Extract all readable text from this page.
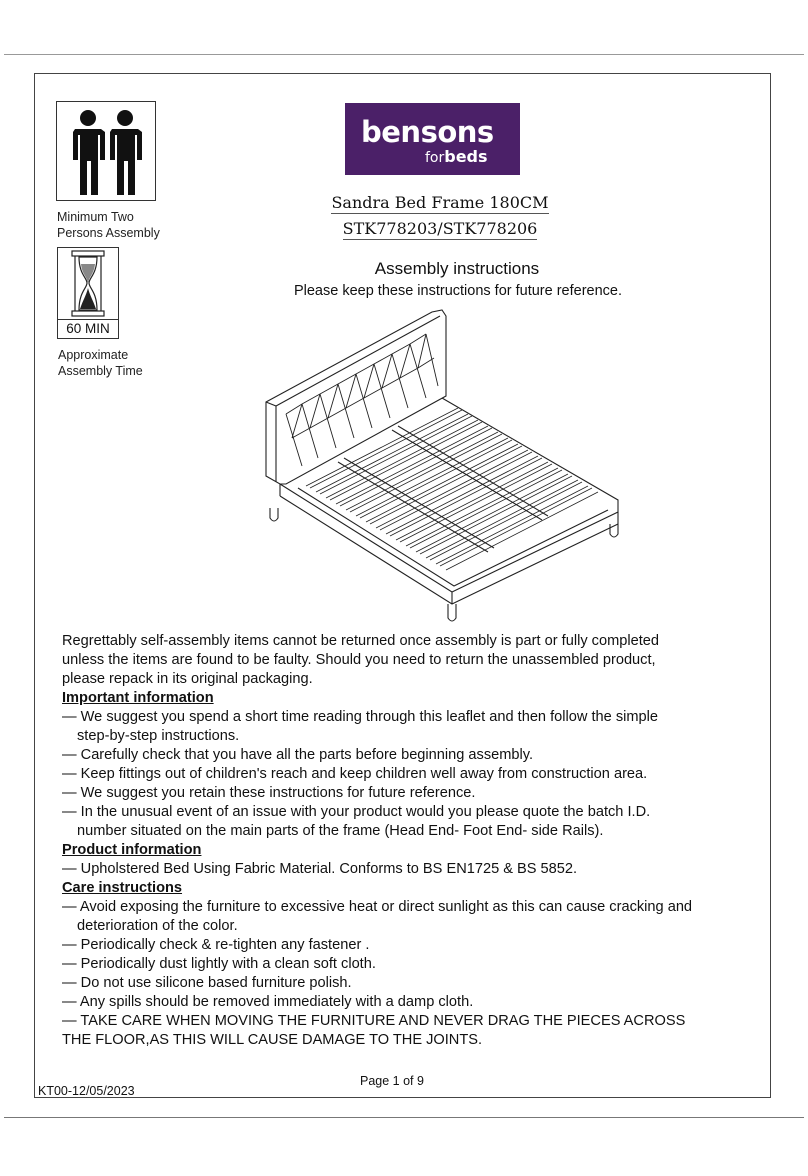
Minimum Two
Persons Assembly
60 MIN
Approximate
Assembly Time
bensons
forbeds
Sandra Bed Frame 180CM
STK778203/STK778206
Assembly instructions
Please keep these instructions for future reference.

Regrettably self-assembly items cannot be returned once assembly is part or fully completed

unless the items are found to be faulty. Should you need to return the unassembled product,

please repack in its original packaging.

Important information

— We suggest you spend a short time reading through this leaflet and then follow the simple

step-by-step instructions.

— Carefully check that you have all the parts before beginning assembly.

— Keep fittings out of children's reach and keep children well away from construction area.

— We suggest you retain these instructions for future reference.

— In the unusual event of an issue with your product would you please quote the batch I.D.

number situated on the main parts of the frame (Head End- Foot End- side Rails).

Product information

— Upholstered Bed Using Fabric Material. Conforms to BS EN1725 & BS 5852.

Care instructions

— Avoid exposing the furniture to excessive heat or direct sunlight as this can cause cracking and

deterioration of the color.

— Periodically check & re-tighten any fastener .

— Periodically dust lightly with a clean soft cloth.

— Do not use silicone based furniture polish.

— Any spills should be removed immediately with a damp cloth.

— TAKE CARE WHEN MOVING THE FURNITURE AND NEVER DRAG THE PIECES ACROSS

THE FLOOR,AS THIS WILL CAUSE DAMAGE TO THE JOINTS.

Page 1 of 9
KT00-12/05/2023
